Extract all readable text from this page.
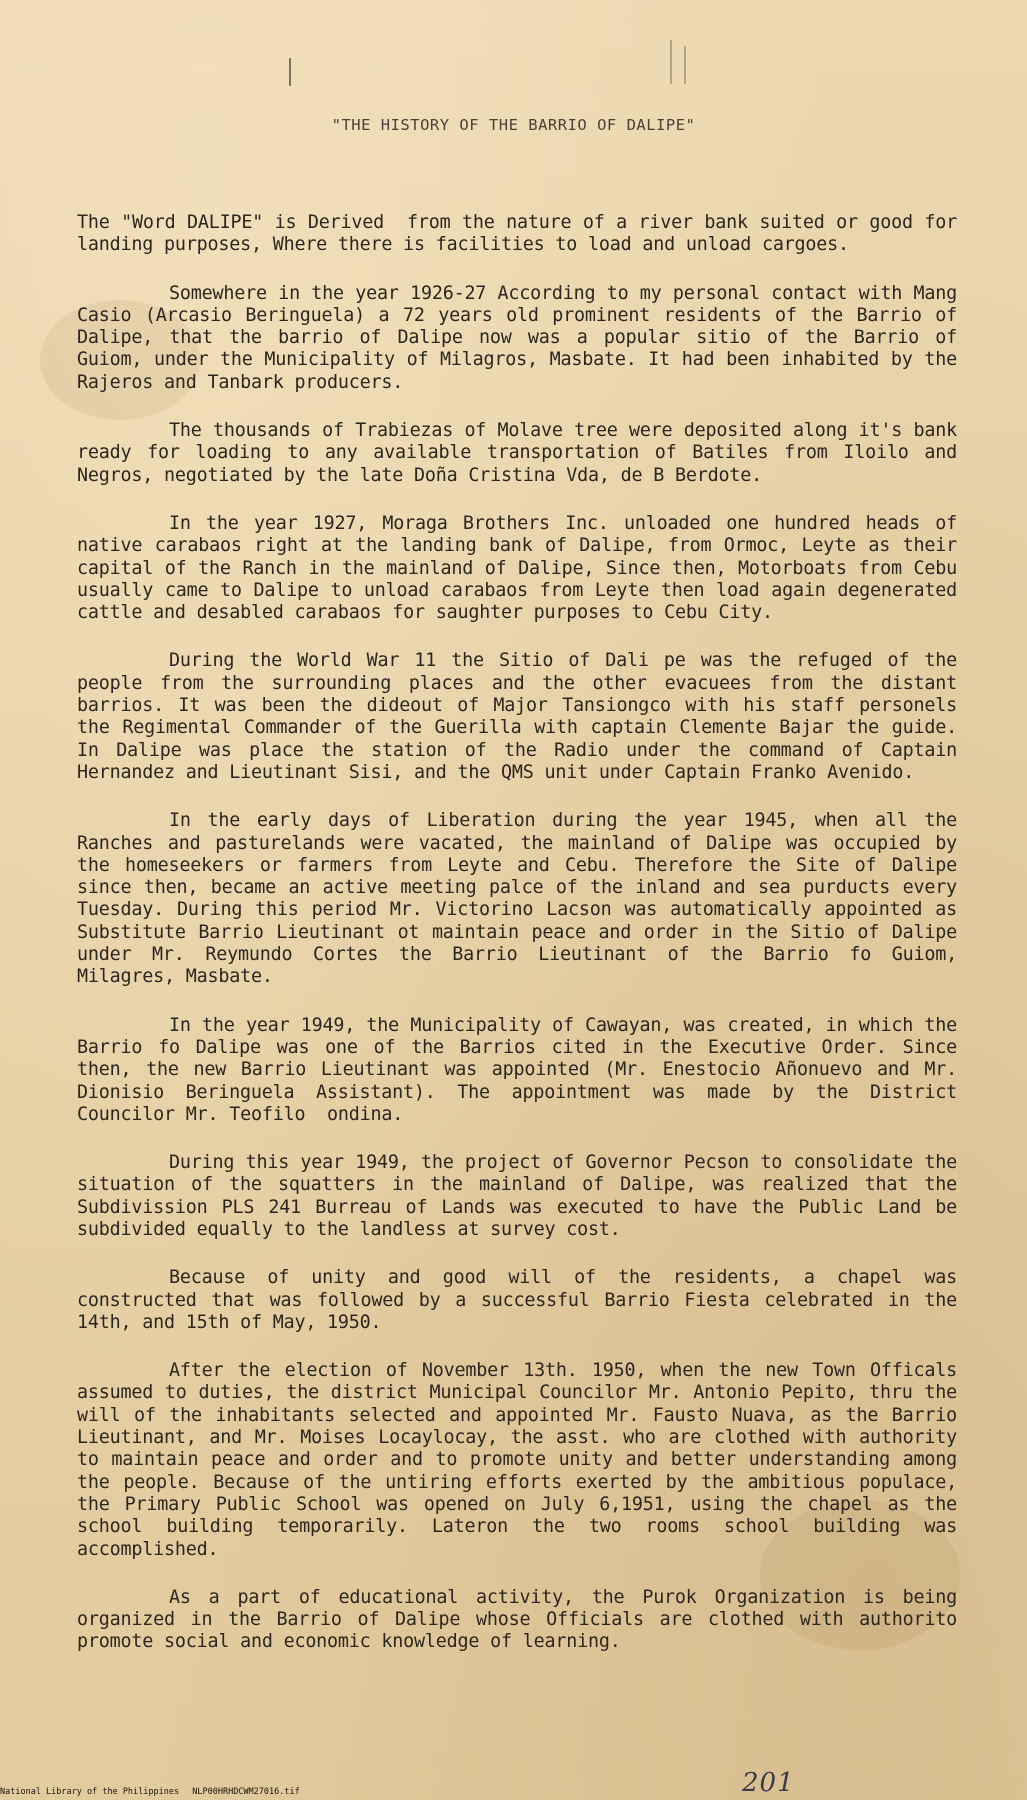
"THE HISTORY OF THE BARRIO OF DALIPE"

The "Word DALIPE" is Derived  from the nature of a river bank suited or good for landing purposes, Where there is facilities to load and unload cargoes.

Somewhere in the year 1926-27 According to my personal contact with Mang Casio (Arcasio Beringuela) a 72 years old prominent residents of the Barrio of Dalipe, that the barrio of Dalipe now was a popular sitio of the Barrio of Guiom, under the Municipality of Milagros, Masbate. It had been inhabited by the Rajeros and Tanbark producers.

The thousands of Trabiezas of Molave tree were deposited along it's bank ready for loading to any available transportation of Batiles from Iloilo and Negros, negotiated by the late Doña Cristina Vda, de B Berdote.

In the year 1927, Moraga Brothers Inc. unloaded one hundred heads of native carabaos right at the landing bank of Dalipe, from Ormoc, Leyte as their capital of the Ranch in the mainland of Dalipe, Since then, Motorboats from Cebu usually came to Dalipe to unload carabaos from Leyte then load again degenerated cattle and desabled carabaos for saughter purposes to Cebu City.

During the World War 11 the Sitio of Dali pe was the refuged of the people from the surrounding places and the other evacuees from the distant barrios. It was been the dideout of Major Tansiongco with his staff personels the Regimental Commander of the Guerilla with captain Clemente Bajar the guide. In Dalipe was place the station of the Radio under the command of Captain Hernandez and Lieutinant Sisi, and the QMS unit under Captain Franko Avenido.

In the early days of Liberation during the year 1945, when all the Ranches and pasturelands were vacated, the mainland of Dalipe was occupied by the homeseekers or farmers from Leyte and Cebu. Therefore the Site of Dalipe since then, became an active meeting palce of the inland and sea purducts every Tuesday. During this period Mr. Victorino Lacson was automatically appointed as Substitute Barrio Lieutinant ot maintain peace and order in the Sitio of Dalipe under Mr. Reymundo Cortes the Barrio Lieutinant of the Barrio fo Guiom, Milagres, Masbate.

In the year 1949, the Municipality of Cawayan, was created, in which the Barrio fo Dalipe was one of the Barrios cited in the Executive Order. Since then, the new Barrio Lieutinant was appointed (Mr. Enestocio Añonuevo and Mr. Dionisio Beringuela Assistant). The appointment was made by the District Councilor Mr. Teofilo  ondina.

During this year 1949, the project of Governor Pecson to consolidate the situation of the squatters in the mainland of Dalipe, was realized that the Subdivission PLS 241 Burreau of Lands was executed to have the Public Land be subdivided equally to the landless at survey cost.

Because of unity and good will of the residents, a chapel was constructed that was followed by a successful Barrio Fiesta celebrated in the 14th, and 15th of May, 1950.

After the election of November 13th. 1950, when the new Town Officals assumed to duties, the district Municipal Councilor Mr. Antonio Pepito, thru the will of the inhabitants selected and appointed Mr. Fausto Nuava, as the Barrio Lieutinant, and Mr. Moises Locaylocay, the asst. who are clothed with authority to maintain peace and order and to promote unity and better understanding among the people. Because of the untiring efforts exerted by the ambitious populace, the Primary Public School was opened on July 6,1951, using the chapel as the school building temporarily. Lateron the two rooms school building was accomplished.

As a part of educational activity, the Purok Organization is being organized in the Barrio of Dalipe whose Officials are clothed with authorito promote social and economic knowledge of learning.

201
National Library of the Philippines NLP00HRHDCWM27016.tif
